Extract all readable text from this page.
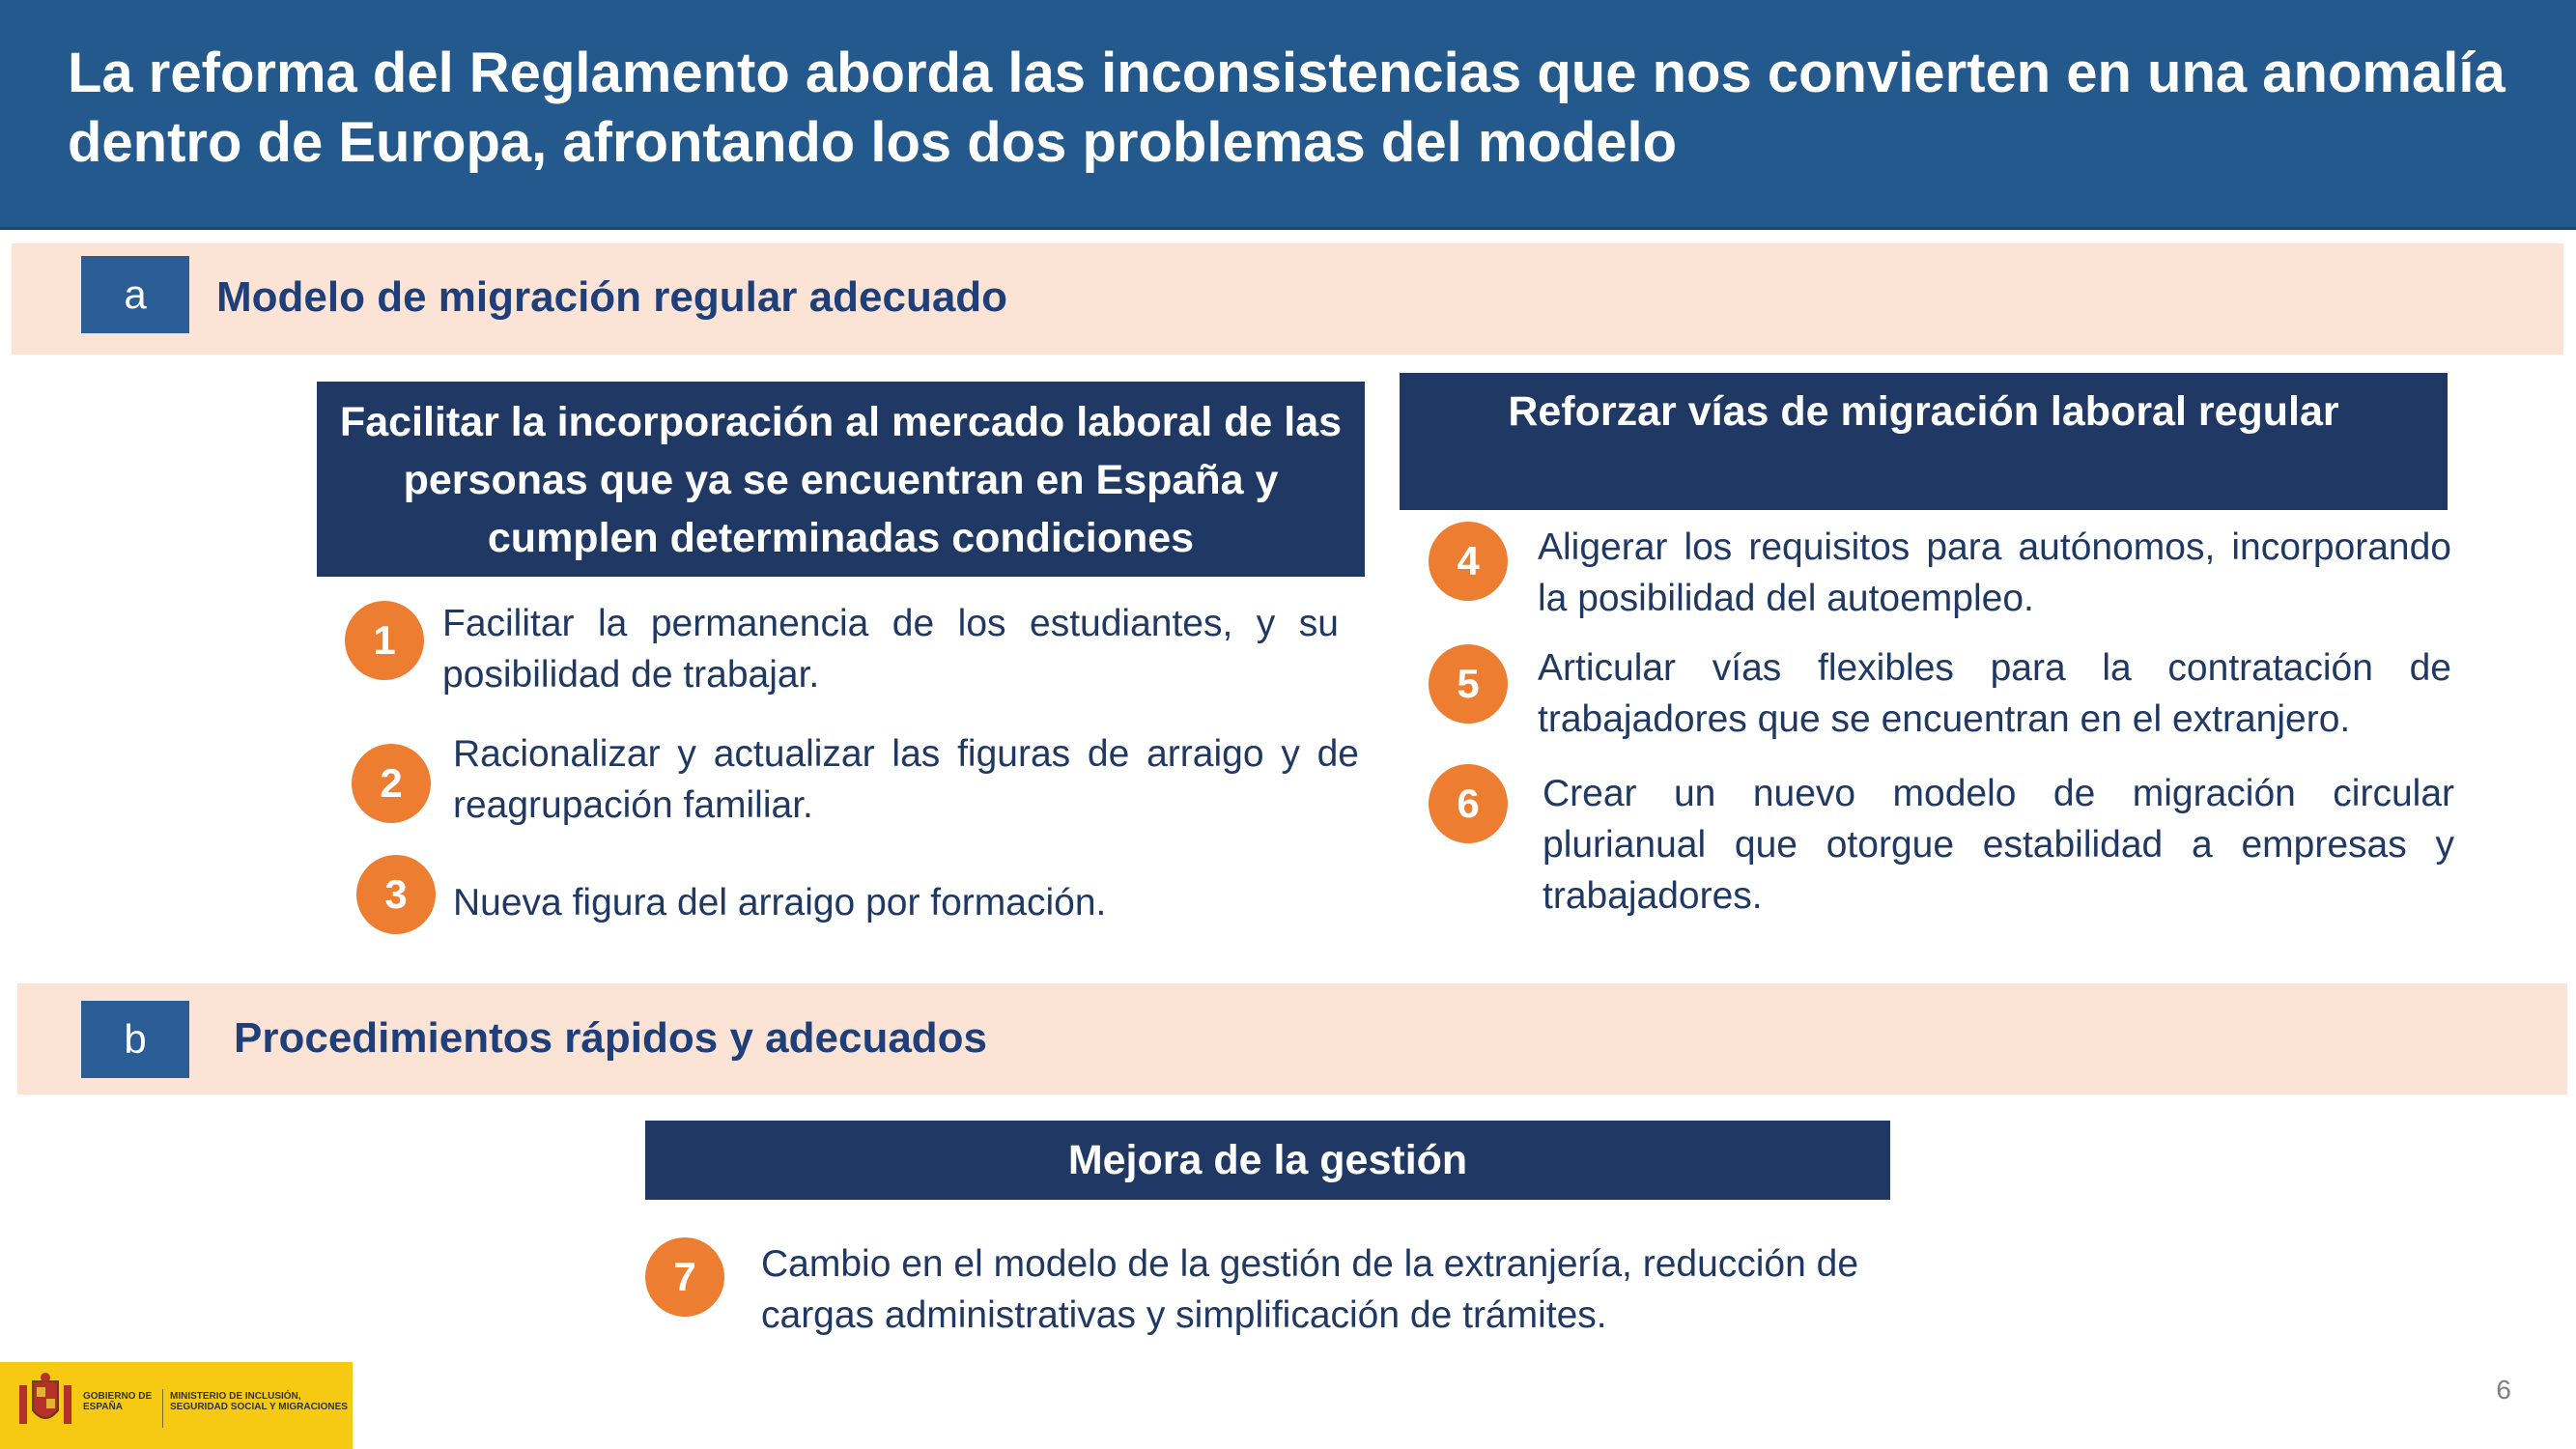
La reforma del Reglamento aborda las inconsistencias que nos convierten en una anomalía dentro de Europa, afrontando los dos problemas del modelo
a	Modelo de migración regular adecuado
Facilitar la incorporación al mercado laboral de las personas que ya se encuentran en España y cumplen determinadas condiciones
Reforzar vías de migración laboral regular
1	Facilitar la permanencia de los estudiantes, y su posibilidad de trabajar.
2
Racionalizar y actualizar las figuras de arraigo y de reagrupación familiar.
3	Nueva figura del arraigo por formación.
4	Aligerar los requisitos para autónomos, incorporando la posibilidad del autoempleo.
5	Articular vías flexibles para la contratación de trabajadores que se encuentran en el extranjero.
6	Crear un nuevo modelo de migración circular plurianual que otorgue estabilidad a empresas y trabajadores.
b	Procedimientos rápidos y adecuados
Mejora de la gestión
7	Cambio en el modelo de la gestión de la extranjería, reducción de cargas administrativas y simplificación de trámites.
GOBIERNO DE ESPAÑA
MINISTERIO DE INCLUSIÓN, SEGURIDAD SOCIAL Y MIGRACIONES
6
